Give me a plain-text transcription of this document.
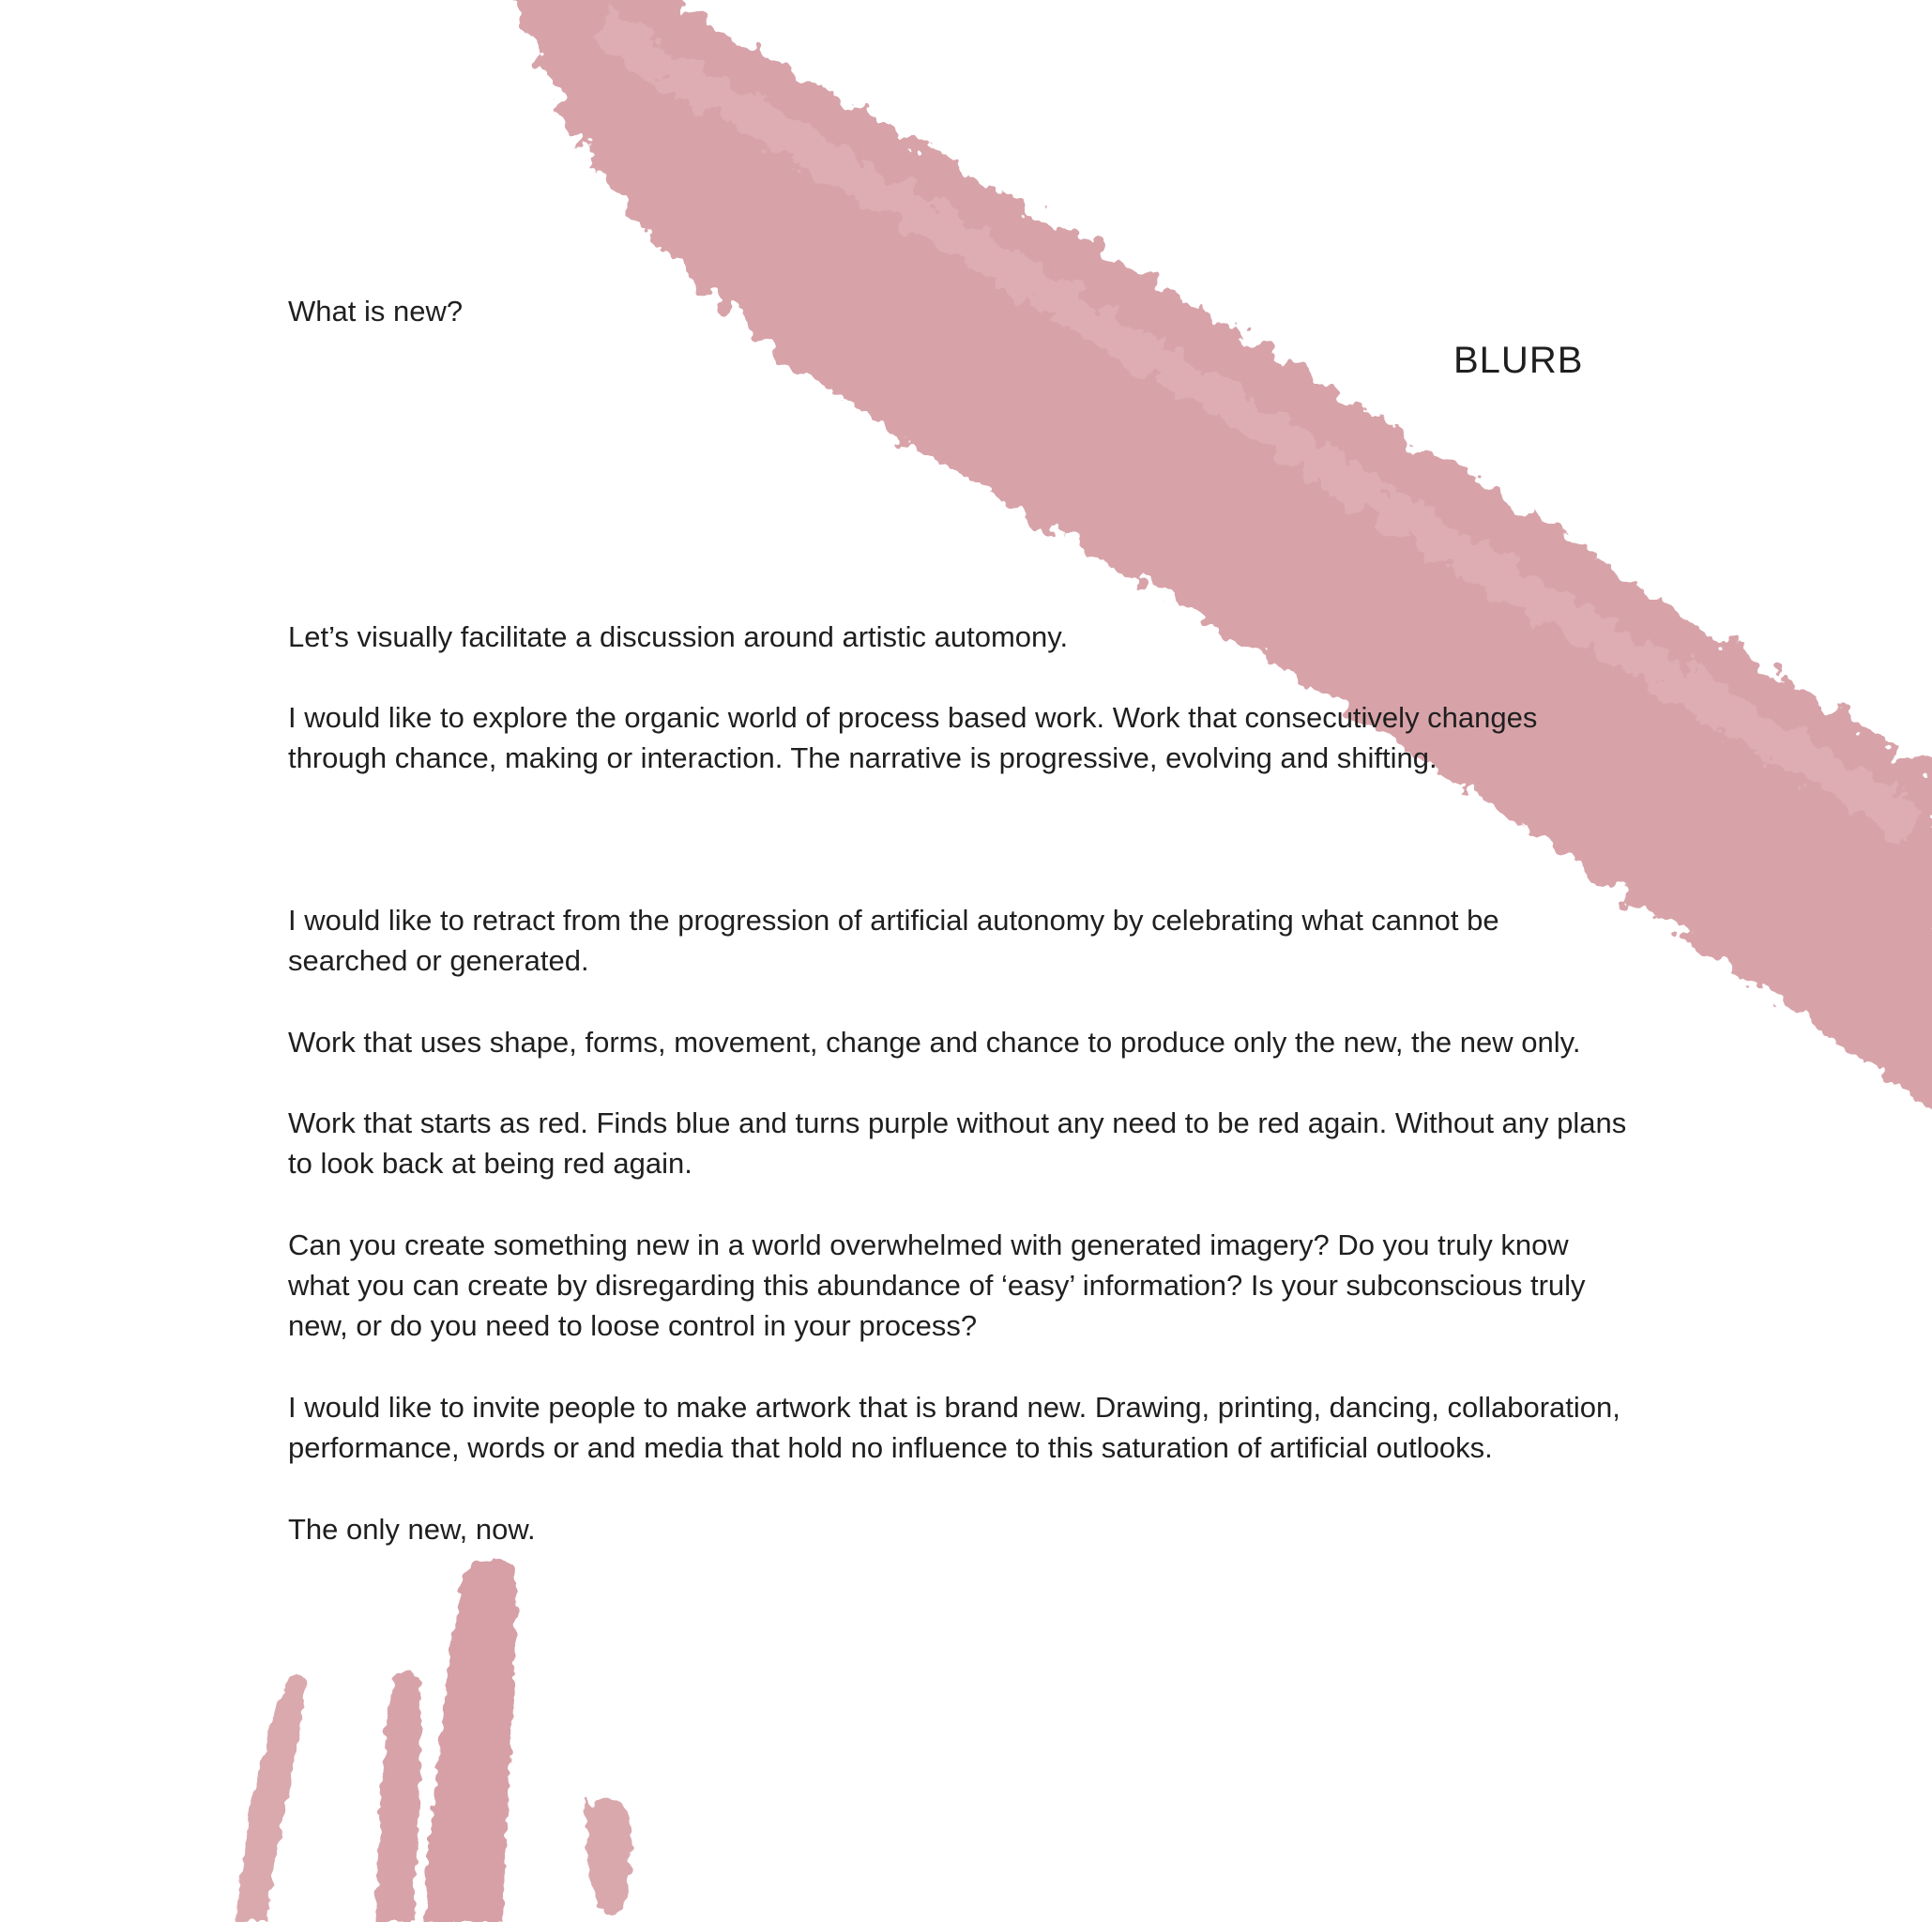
What is new?
BLURB

Let’s visually facilitate a discussion around artistic automony.

I would like to explore the organic world of process based work. Work that consecutively changes
through chance, making or interaction. The narrative is progressive, evolving and shifting.

I would like to retract from the progression of artificial autonomy by celebrating what cannot be
searched or generated.

Work that uses shape, forms, movement, change and chance to produce only the new, the new only.

Work that starts as red. Finds blue and turns purple without any need to be red again. Without any plans
to look back at being red again.

Can you create something new in a world overwhelmed with generated imagery? Do you truly know
what you can create by disregarding this abundance of ‘easy’ information? Is your subconscious truly
new, or do you need to loose control in your process?

I would like to invite people to make artwork that is brand new. Drawing, printing, dancing, collaboration,
performance, words or and media that hold no influence to this saturation of artificial outlooks.

The only new, now.
